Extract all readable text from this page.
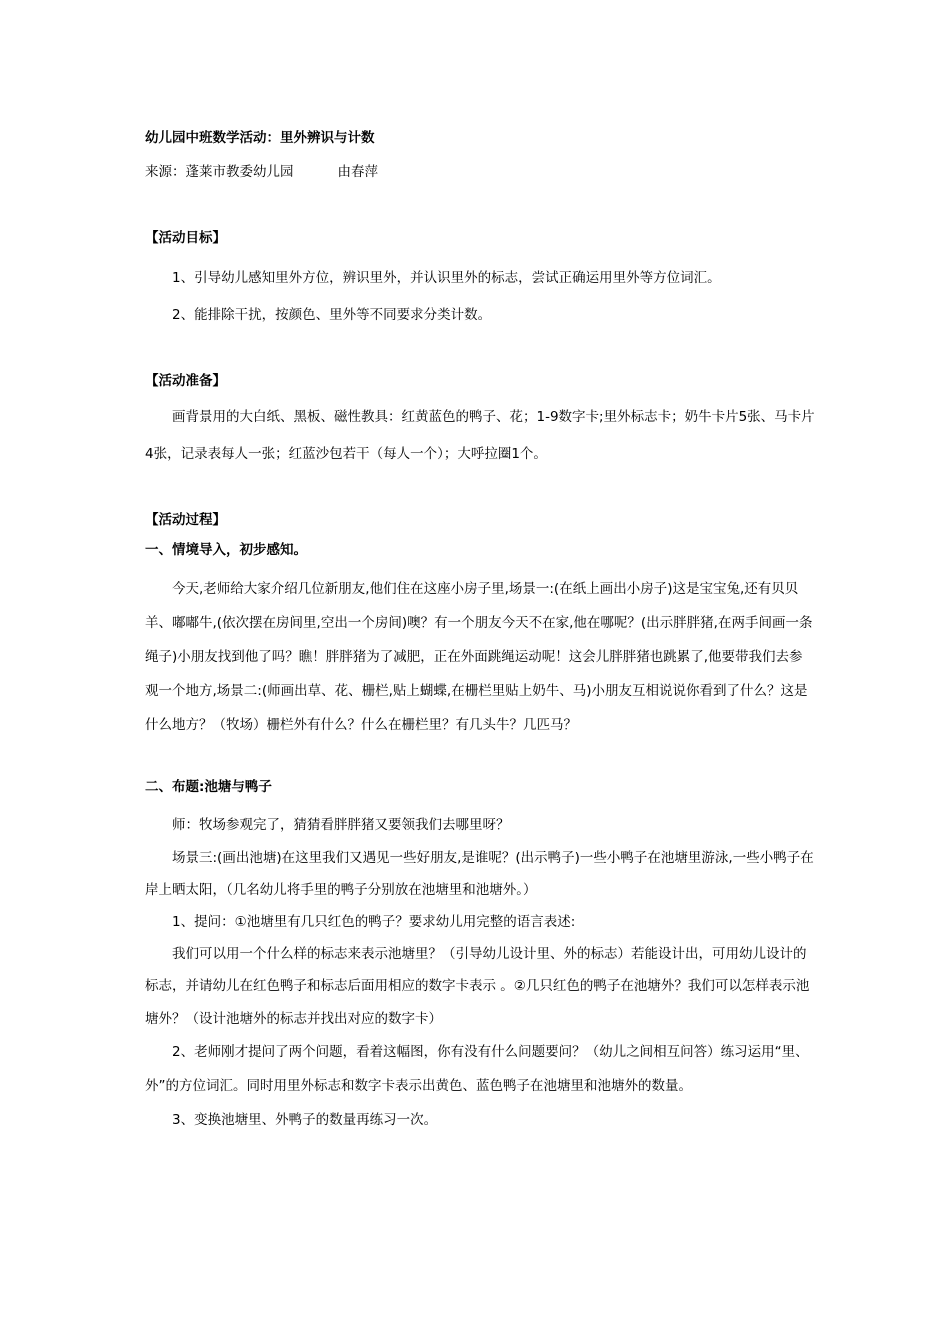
幼儿园中班数学活动：里外辨识与计数

来源：蓬莱市教委幼儿园	由春萍

【活动目标】

1、引导幼儿感知里外方位，辨识里外，并认识里外的标志，尝试正确运用里外等方位词汇。

2、能排除干扰，按颜色、里外等不同要求分类计数。

【活动准备】

画背景用的大白纸、黑板、磁性教具：红黄蓝色的鸭子、花；1-9数字卡;里外标志卡；奶牛卡片5张、马卡片4张，记录表每人一张；红蓝沙包若干（每人一个）；大呼拉圈1个。

【活动过程】
一、情境导入，初步感知。

今天,老师给大家介绍几位新朋友,他们住在这座小房子里,场景一:(在纸上画出小房子)这是宝宝兔,还有贝贝羊、嘟嘟牛,(依次摆在房间里,空出一个房间)噢？有一个朋友今天不在家,他在哪呢？(出示胖胖猪,在两手间画一条绳子)小朋友找到他了吗？瞧！胖胖猪为了减肥，正在外面跳绳运动呢！这会儿胖胖猪也跳累了,他要带我们去参观一个地方,场景二:(师画出草、花、栅栏,贴上蝴蝶,在栅栏里贴上奶牛、马)小朋友互相说说你看到了什么？这是什么地方？（牧场）栅栏外有什么？什么在栅栏里？有几头牛？几匹马？

二、布题:池塘与鸭子

师：牧场参观完了，猜猜看胖胖猪又要领我们去哪里呀？

场景三:(画出池塘)在这里我们又遇见一些好朋友,是谁呢？(出示鸭子)一些小鸭子在池塘里游泳,一些小鸭子在岸上晒太阳，（几名幼儿将手里的鸭子分别放在池塘里和池塘外。）

1、提问：①池塘里有几只红色的鸭子？要求幼儿用完整的语言表述:

我们可以用一个什么样的标志来表示池塘里？（引导幼儿设计里、外的标志）若能设计出，可用幼儿设计的标志，并请幼儿在红色鸭子和标志后面用相应的数字卡表示 。②几只红色的鸭子在池塘外？我们可以怎样表示池塘外？（设计池塘外的标志并找出对应的数字卡）

2、老师刚才提问了两个问题，看着这幅图，你有没有什么问题要问？（幼儿之间相互问答）练习运用“里、外”的方位词汇。同时用里外标志和数字卡表示出黄色、蓝色鸭子在池塘里和池塘外的数量。

3、变换池塘里、外鸭子的数量再练习一次。
